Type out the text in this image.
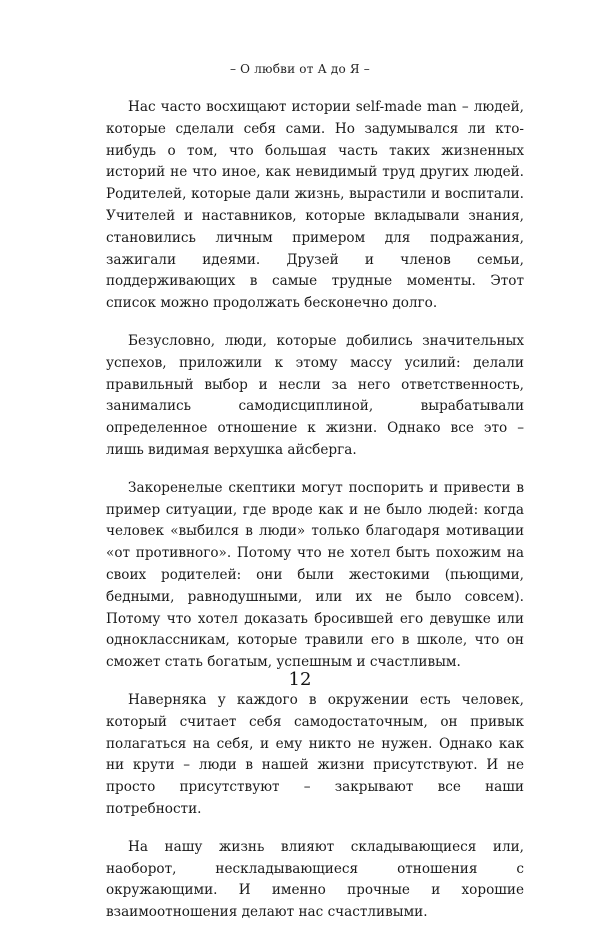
– О любви от А до Я –

Нас часто восхищают истории self-made man – людей, которые сделали себя сами. Но задумывался ли кто-нибудь о том, что большая часть таких жизненных историй не что иное, как невидимый труд других людей. Родителей, которые дали жизнь, вырастили и воспитали. Учителей и наставников, которые вкладывали знания, становились личным примером для подражания, зажигали идеями. Друзей и членов семьи, поддерживающих в самые трудные моменты. Этот список можно продолжать бесконечно долго.

Безусловно, люди, которые добились значительных успехов, приложили к этому массу усилий: делали правильный выбор и несли за него ответственность, занимались самодисциплиной, вырабатывали определенное отношение к жизни. Однако все это – лишь видимая верхушка айсберга.

Закоренелые скептики могут поспорить и привести в пример ситуации, где вроде как и не было людей: когда человек «выбился в люди» только благодаря мотивации «от противного». Потому что не хотел быть похожим на своих родителей: они были жестокими (пьющими, бедными, равнодушными, или их не было совсем). Потому что хотел доказать бросившей его девушке или одноклассникам, которые травили его в школе, что он сможет стать богатым, успешным и счастливым.

Наверняка у каждого в окружении есть человек, который считает себя самодостаточным, он привык полагаться на себя, и ему никто не нужен. Однако как ни крути – люди в нашей жизни присутствуют. И не просто присутствуют – закрывают все наши потребности.

На нашу жизнь влияют складывающиеся или, наоборот, нескладывающиеся отношения с окружающими. И именно прочные и хорошие взаимоотношения делают нас счастливыми.

12
